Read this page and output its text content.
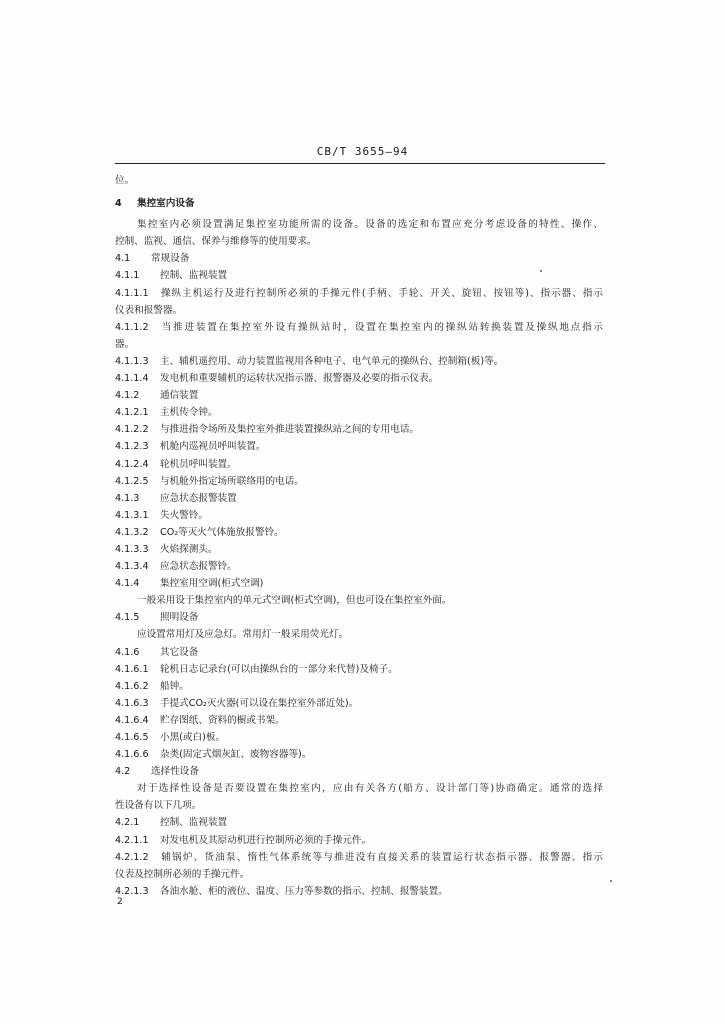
CB/T 3655—94
位。
4 集控室内设备
集控室内必须设置满足集控室功能所需的设备。设备的选定和布置应充分考虑设备的特性、操作、
控制、监视、通信、保养与维修等的使用要求。
4.1 常规设备
4.1.1 控制、监视装置
4.1.1.1 操纵主机运行及进行控制所必须的手操元件(手柄、手轮、开关、旋钮、按钮等)、指示器、指示
仪表和报警器。
4.1.1.2 当推进装置在集控室外设有操纵站时，设置在集控室内的操纵站转换装置及操纵地点指示
器。
4.1.1.3 主、辅机遥控用、动力装置监视用各种电子、电气单元的操纵台、控制箱(板)等。
4.1.1.4 发电机和重要辅机的运转状况指示器、报警器及必要的指示仪表。
4.1.2 通信装置
4.1.2.1 主机传令钟。
4.1.2.2 与推进指令场所及集控室外推进装置操纵站之间的专用电话。
4.1.2.3 机舱内巡视员呼叫装置。
4.1.2.4 轮机员呼叫装置。
4.1.2.5 与机舱外指定场所联络用的电话。
4.1.3 应急状态报警装置
4.1.3.1 失火警铃。
4.1.3.2 CO₂等灭火气体施放报警铃。
4.1.3.3 火焰探测头。
4.1.3.4 应急状态报警铃。
4.1.4 集控室用空调(柜式空调)
一般采用设于集控室内的单元式空调(柜式空调)，但也可设在集控室外面。
4.1.5 照明设备
应设置常用灯及应急灯。常用灯一般采用荧光灯。
4.1.6 其它设备
4.1.6.1 轮机日志记录台(可以由操纵台的一部分来代替)及椅子。
4.1.6.2 船钟。
4.1.6.3 手提式CO₂灭火器(可以设在集控室外部近处)。
4.1.6.4 贮存图纸、资料的橱或书架。
4.1.6.5 小黑(或白)板。
4.1.6.6 杂类(固定式烟灰缸、废物容器等)。
4.2 选择性设备
对于选择性设备是否要设置在集控室内，应由有关各方(船方、设计部门等)协商确定。通常的选择
性设备有以下几项。
4.2.1 控制、监视装置
4.2.1.1 对发电机及其原动机进行控制所必须的手操元件。
4.2.1.2 辅锅炉、货油泵、惰性气体系统等与推进没有直接关系的装置运行状态指示器、报警器、指示
仪表及控制所必须的手操元件。
4.2.1.3 各油水舱、柜的液位、温度、压力等参数的指示、控制、报警装置。
2
